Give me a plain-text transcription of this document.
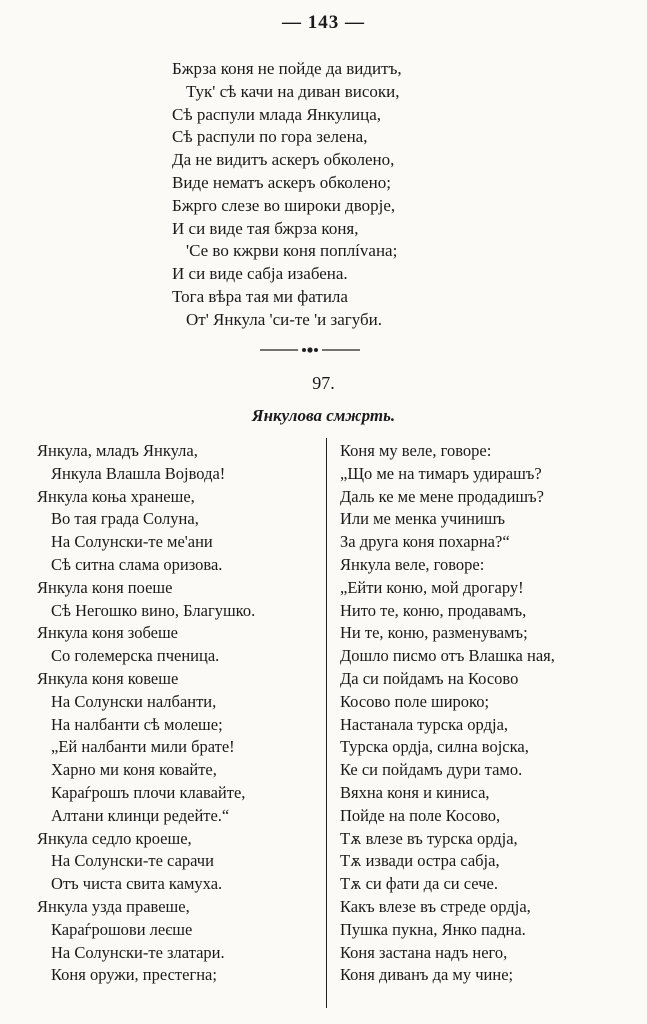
— 143 —
Бжрза коня не пойде да видитъ,
Тук' сѣ качи на диван високи,
Сѣ распули млада Янкулица,
Сѣ распули по гора зелена,
Да не видитъ аскеръ обколено,
Виде нематъ аскеръ обколено;
Бжрго слезе во широки дворје,
И си виде тая бжрза коня,
'Се во кжрви коня поплívана;
И си виде сабја изабена.
Тога вѣра тая ми фатила
От' Янкула 'си-те 'и загуби.
97.
Янкулова смжрть.
Янкула, младъ Янкула,
Янкула Влашла Војвода!
Янкула коња хранеше,
Во тая града Солуна,
На Солунски-те ме'ани
Сѣ ситна слама оризова.
Янкула коня поеше
Сѣ Негошко вино, Благушко.
Янкула коня зобеше
Со големерска пченица.
Янкула коня ковеше
На Солунски налбанти,
На налбанти сѣ молеше;
„Ей налбанти мили брате!
Харно ми коня ковайте,
Караѓрошъ плочи клавайте,
Алтани клинци редейте.“
Янкула седло кроеше,
На Солунски-те сарачи
Отъ чиста свита камуха.
Янкула узда правеше,
Караѓрошови леєше
На Солунски-те златари.
Коня оружи, престегна;
Коня му веле, говоре:
„Що ме на тимаръ удирашъ?
Даль ке ме мене продадишъ?
Или ме менка учинишъ
За друга коня похарна?“
Янкула веле, говоре:
„Ейти коню, мой дрогару!
Нито те, коню, продавамъ,
Ни те, коню, разменувамъ;
Дошло писмо отъ Влашка ная,
Да си пойдамъ на Косово
Косово поле широко;
Настанала турска ордја,
Турска ордја, силна војска,
Ке си пойдамъ дури тамо.
Вяхна коня и киниса,
Пойде на поле Косово,
Тѫ влезе въ турска ордја,
Тѫ извади остра сабја,
Тѫ си фати да си сече.
Какъ влезе въ стреде ордја,
Пушка пукна, Янко падна.
Коня застана надъ него,
Коня диванъ да му чине;
